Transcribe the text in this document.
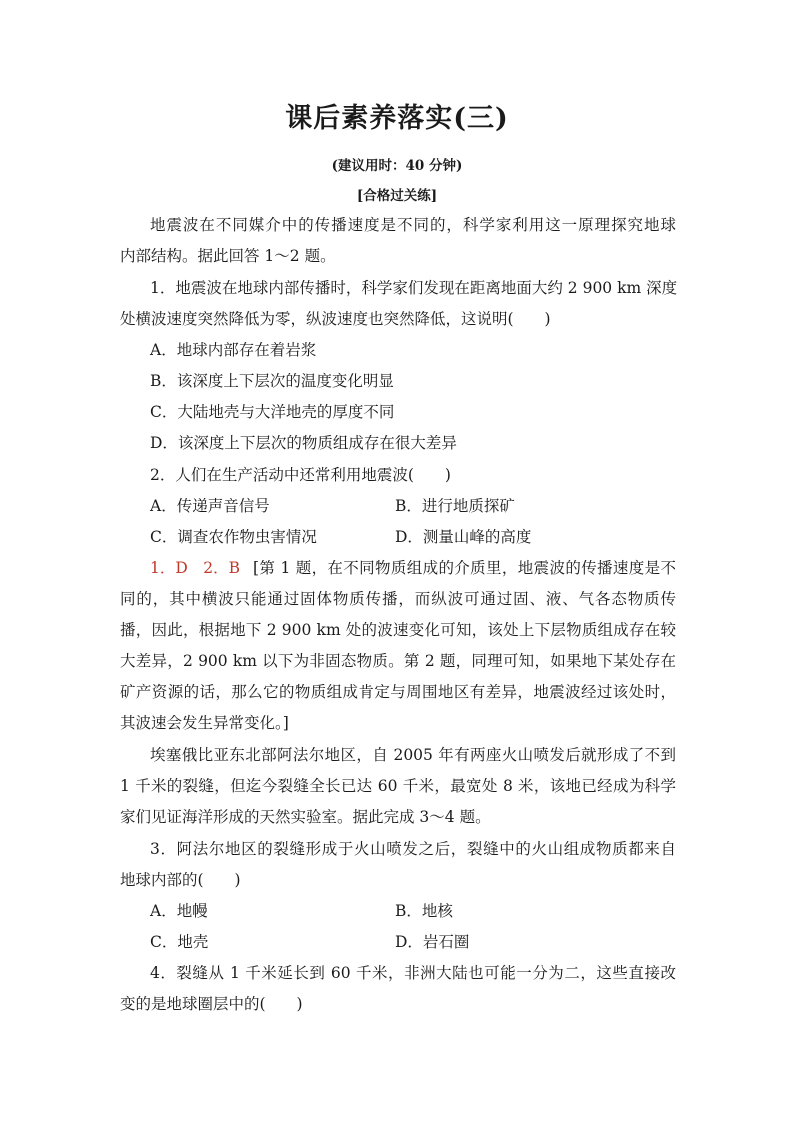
课后素养落实(三)
(建议用时：40 分钟)
[合格过关练]
地震波在不同媒介中的传播速度是不同的，科学家利用这一原理探究地球
内部结构。据此回答 1～2 题。
1．地震波在地球内部传播时，科学家们发现在距离地面大约 2 900 km 深度
处横波速度突然降低为零，纵波速度也突然降低，这说明(　　)
A．地球内部存在着岩浆
B．该深度上下层次的温度变化明显
C．大陆地壳与大洋地壳的厚度不同
D．该深度上下层次的物质组成存在很大差异
2．人们在生产活动中还常利用地震波(　　)
A．传递声音信号	B．进行地质探矿
C．调查农作物虫害情况	D．测量山峰的高度
1．D　2．B [第 1 题，在不同物质组成的介质里，地震波的传播速度是不
同的，其中横波只能通过固体物质传播，而纵波可通过固、液、气各态物质传
播，因此，根据地下 2 900 km 处的波速变化可知，该处上下层物质组成存在较
大差异，2 900 km 以下为非固态物质。第 2 题，同理可知，如果地下某处存在
矿产资源的话，那么它的物质组成肯定与周围地区有差异，地震波经过该处时，
其波速会发生异常变化。]
埃塞俄比亚东北部阿法尔地区，自 2005 年有两座火山喷发后就形成了不到
1 千米的裂缝，但迄今裂缝全长已达 60 千米，最宽处 8 米，该地已经成为科学
家们见证海洋形成的天然实验室。据此完成 3～4 题。
3．阿法尔地区的裂缝形成于火山喷发之后，裂缝中的火山组成物质都来自
地球内部的(　　)
A．地幔	B．地核
C．地壳	D．岩石圈
4．裂缝从 1 千米延长到 60 千米，非洲大陆也可能一分为二，这些直接改
变的是地球圈层中的(　　)
